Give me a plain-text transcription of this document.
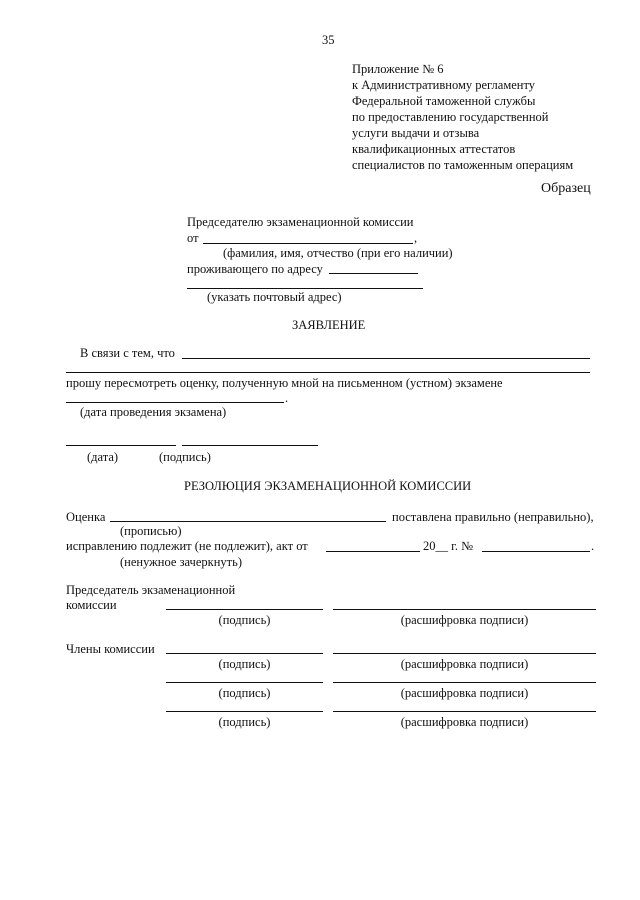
35
Приложение № 6
к Административному регламенту
Федеральной таможенной службы
по предоставлению государственной
услуги выдачи и отзыва
квалификационных аттестатов
специалистов по таможенным операциям
Образец
Председателю экзаменационной комиссии
от	,
(фамилия, имя, отчество (при его наличии)
проживающего по адресу
(указать почтовый адрес)
ЗАЯВЛЕНИЕ
В связи с тем, что
прошу пересмотреть оценку, полученную мной на письменном (устном) экзамене
.
(дата проведения экзамена)
(дата)	(подпись)
РЕЗОЛЮЦИЯ ЭКЗАМЕНАЦИОННОЙ КОМИССИИ
Оценка	поставлена правильно (неправильно),
(прописью)
исправлению подлежит (не подлежит), акт от	20__ г. №	.
(ненужное зачеркнуть)
Председатель экзаменационной
комиссии
(подпись)	(расшифровка подписи)
Члены комиссии
(подпись)	(расшифровка подписи)
(подпись)	(расшифровка подписи)
(подпись)	(расшифровка подписи)
